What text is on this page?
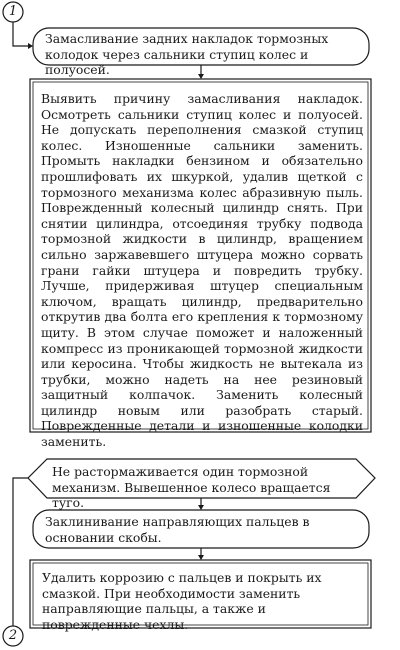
1
2
Замасливание задних накладок тормозных колодок через сальники ступиц колес и полуосей.
Выявить причину замасливания накладок. Осмотреть сальники ступиц колес и полуосей. Не допускать переполнения смазкой ступиц колес. Изношенные сальники заменить. Промыть накладки бензином и обязательно прошлифовать их шкуркой, удалив щеткой с тормозного механизма колес абразивную пыль. Поврежденный колесный цилиндр снять. При снятии цилиндра, отсоединяя трубку подвода тормозной жидкости в цилиндр, вращением сильно заржавевшего штуцера можно сорвать грани гайки штуцера и повредить трубку. Лучше, придерживая штуцер специальным ключом, вращать цилиндр, предварительно открутив два болта его крепления к тормозному щиту. В этом случае поможет и наложенный компресс из проникающей тормозной жидкости или керосина. Чтобы жидкость не вытекала из трубки, можно надеть на нее резиновый защитный колпачок. Заменить колесный цилиндр новым или разобрать старый. Поврежденные детали и изношенные колодки заменить.
Не растормаживается один тормозной механизм. Вывешенное колесо вращается туго.
Заклинивание направляющих пальцев в основании скобы.
Удалить коррозию с пальцев и покрыть их смазкой. При необходимости заменить направляющие пальцы, а также и поврежденные чехлы.
